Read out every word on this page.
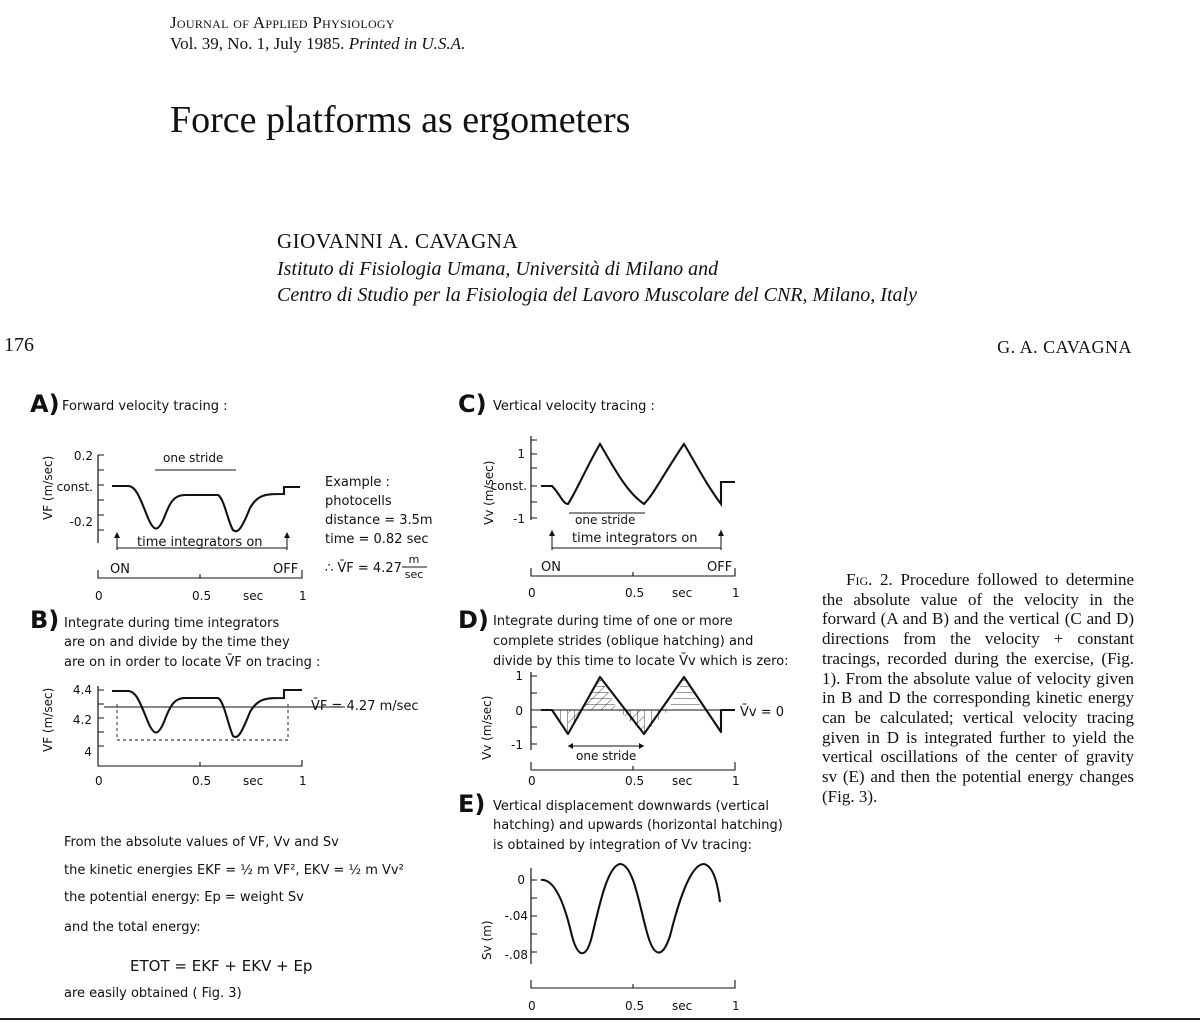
Journal of Applied Physiology
Vol. 39, No. 1, July 1985. Printed in U.S.A.
Force platforms as ergometers
GIOVANNI A. CAVAGNA
Istituto di Fisiologia Umana, Università di Milano and
Centro di Studio per la Fisiologia del Lavoro Muscolare del CNR, Milano, Italy
176	G. A. CAVAGNA
A) Forward velocity tracing :
VF (m/sec) 0.2
const.
-0.2
one stride
time integrators on
ON	OFF
0	0.5	sec	1
Example :
photocells
distance = 3.5m
time = 0.82 sec
∴ V̄F = 4.27
m
sec
B) Integrate during time integrators
are on and divide by the time they
are on in order to locate V̄F on tracing :
VF (m/sec) 4.4
4.2
4
V̄F = 4.27 m/sec
0	0.5	sec	1
From the absolute values of VF, Vv and Sv
the kinetic energies EKF = ½ m VF², EKV = ½ m Vv²
the potential energy: Ep = weight Sv
and the total energy:
ETOT = EKF + EKV + Ep
are easily obtained ( Fig. 3)
C) Vertical velocity tracing :
Vv (m/sec)
1
const.
-1	one stride
time integrators on
ON	OFF
0	0.5 sec	1
D) Integrate during time of one or more
complete strides (oblique hatching) and
divide by this time to locate V̄v which is zero:
Vv (m/sec)
1
0
-1
V̄v = 0
one stride
0	0.5 sec	1
E) Vertical displacement downwards (vertical
hatching) and upwards (horizontal hatching)
is obtained by integration of Vv tracing:
Sv (m)
0
-.04
-.08
0	0.5 sec	1
Fig. 2. Procedure followed to determine the absolute value of the velocity in the forward (A and B) and the vertical (C and D) directions from the velocity + constant tracings, recorded during the exercise, (Fig. 1). From the absolute value of velocity given in B and D the corresponding kinetic energy can be calculated; vertical velocity tracing given in D is integrated further to yield the vertical oscillations of the center of gravity sv (E) and then the potential energy changes (Fig. 3).
